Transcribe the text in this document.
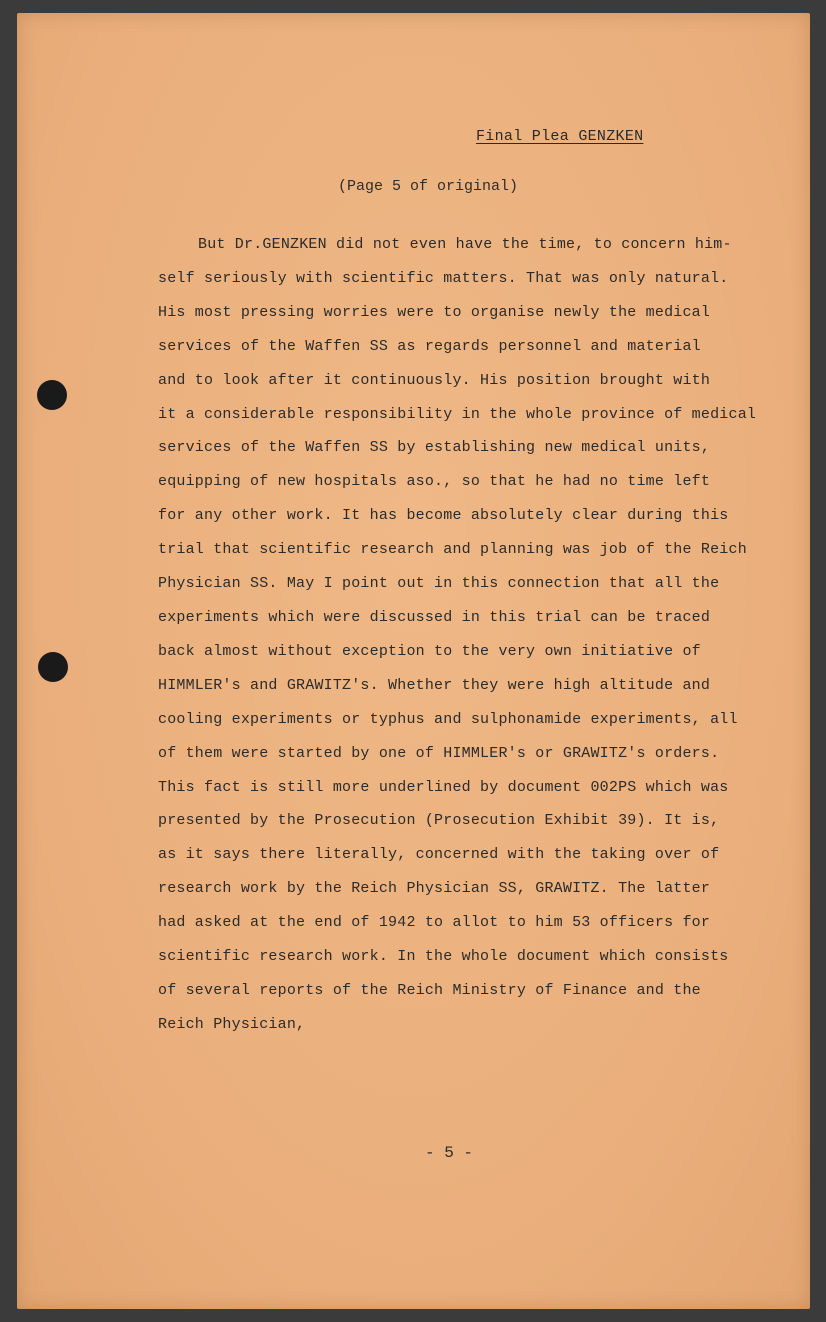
Final Plea GENZKEN
(Page 5 of original)
But Dr.GENZKEN did not even have the time, to concern him-
self seriously with scientific matters. That was only natural.
His most pressing worries were to organise newly the medical
services of the Waffen SS as regards personnel and material
and to look after it continuously. His position brought with
it a considerable responsibility in the whole province of medical
services of the Waffen SS by establishing new medical units,
equipping of new hospitals aso., so that he had no time left
for any other work. It has become absolutely clear during this
trial that scientific research and planning was job of the Reich
Physician SS. May I point out in this connection that all the
experiments which were discussed in this trial can be traced
back almost without exception to the very own initiative of
HIMMLER's and GRAWITZ's. Whether they were high altitude and
cooling experiments or typhus and sulphonamide experiments, all
of them were started by one of HIMMLER's or GRAWITZ's orders.
This fact is still more underlined by document 002PS which was
presented by the Prosecution (Prosecution Exhibit 39). It is,
as it says there literally, concerned with the taking over of
research work by the Reich Physician SS, GRAWITZ. The latter
had asked at the end of 1942 to allot to him 53 officers for
scientific research work. In the whole document which consists
of several reports of the Reich Ministry of Finance and the
Reich Physician,
- 5 -
